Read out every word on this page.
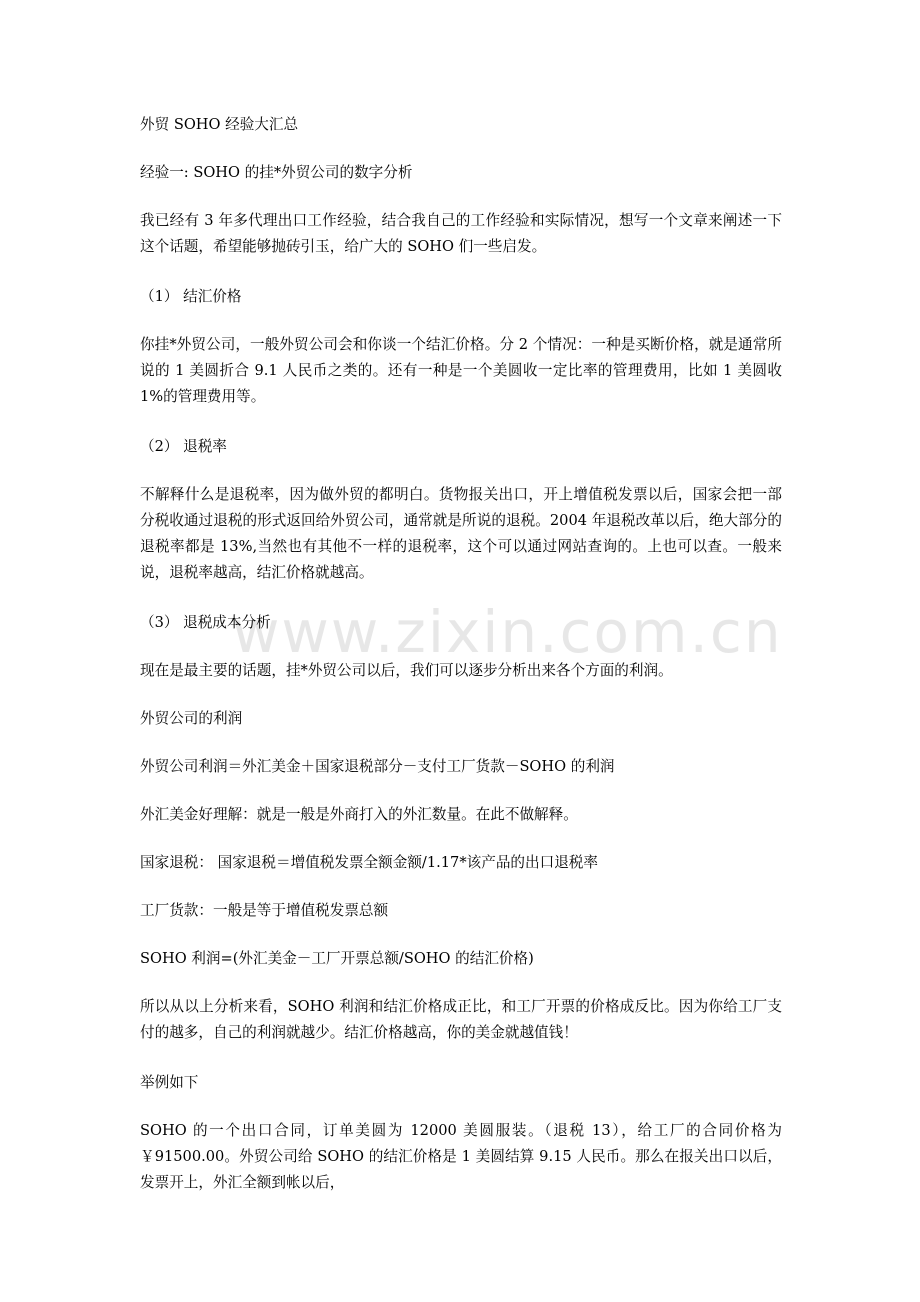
www.zixin.com.cn

外贸 SOHO 经验大汇总

经验一: SOHO 的挂*外贸公司的数字分析

我已经有 3 年多代理出口工作经验，结合我自己的工作经验和实际情况，想写一个文章来阐述一下这个话题，希望能够抛砖引玉，给广大的 SOHO 们一些启发。

（1） 结汇价格

你挂*外贸公司，一般外贸公司会和你谈一个结汇价格。分 2 个情况：一种是买断价格，就是通常所说的 1 美圆折合 9.1 人民币之类的。还有一种是一个美圆收一定比率的管理费用，比如 1 美圆收 1%的管理费用等。

（2） 退税率

不解释什么是退税率，因为做外贸的都明白。货物报关出口，开上增值税发票以后，国家会把一部分税收通过退税的形式返回给外贸公司，通常就是所说的退税。2004 年退税改革以后，绝大部分的退税率都是 13%,当然也有其他不一样的退税率，这个可以通过网站查询的。上也可以查。一般来说，退税率越高，结汇价格就越高。

（3） 退税成本分析

现在是最主要的话题，挂*外贸公司以后，我们可以逐步分析出来各个方面的利润。

外贸公司的利润

外贸公司利润＝外汇美金＋国家退税部分－支付工厂货款－SOHO 的利润

外汇美金好理解：就是一般是外商打入的外汇数量。在此不做解释。

国家退税： 国家退税＝增值税发票全额金额/1.17*该产品的出口退税率

工厂货款：一般是等于增值税发票总额

SOHO 利润=(外汇美金－工厂开票总额/SOHO 的结汇价格)

所以从以上分析来看，SOHO 利润和结汇价格成正比，和工厂开票的价格成反比。因为你给工厂支付的越多，自己的利润就越少。结汇价格越高，你的美金就越值钱！

举例如下

SOHO 的一个出口合同，订单美圆为 12000 美圆服装。（退税 13），给工厂的合同价格为￥91500.00。外贸公司给 SOHO 的结汇价格是 1 美圆结算 9.15 人民币。那么在报关出口以后，发票开上，外汇全额到帐以后，
